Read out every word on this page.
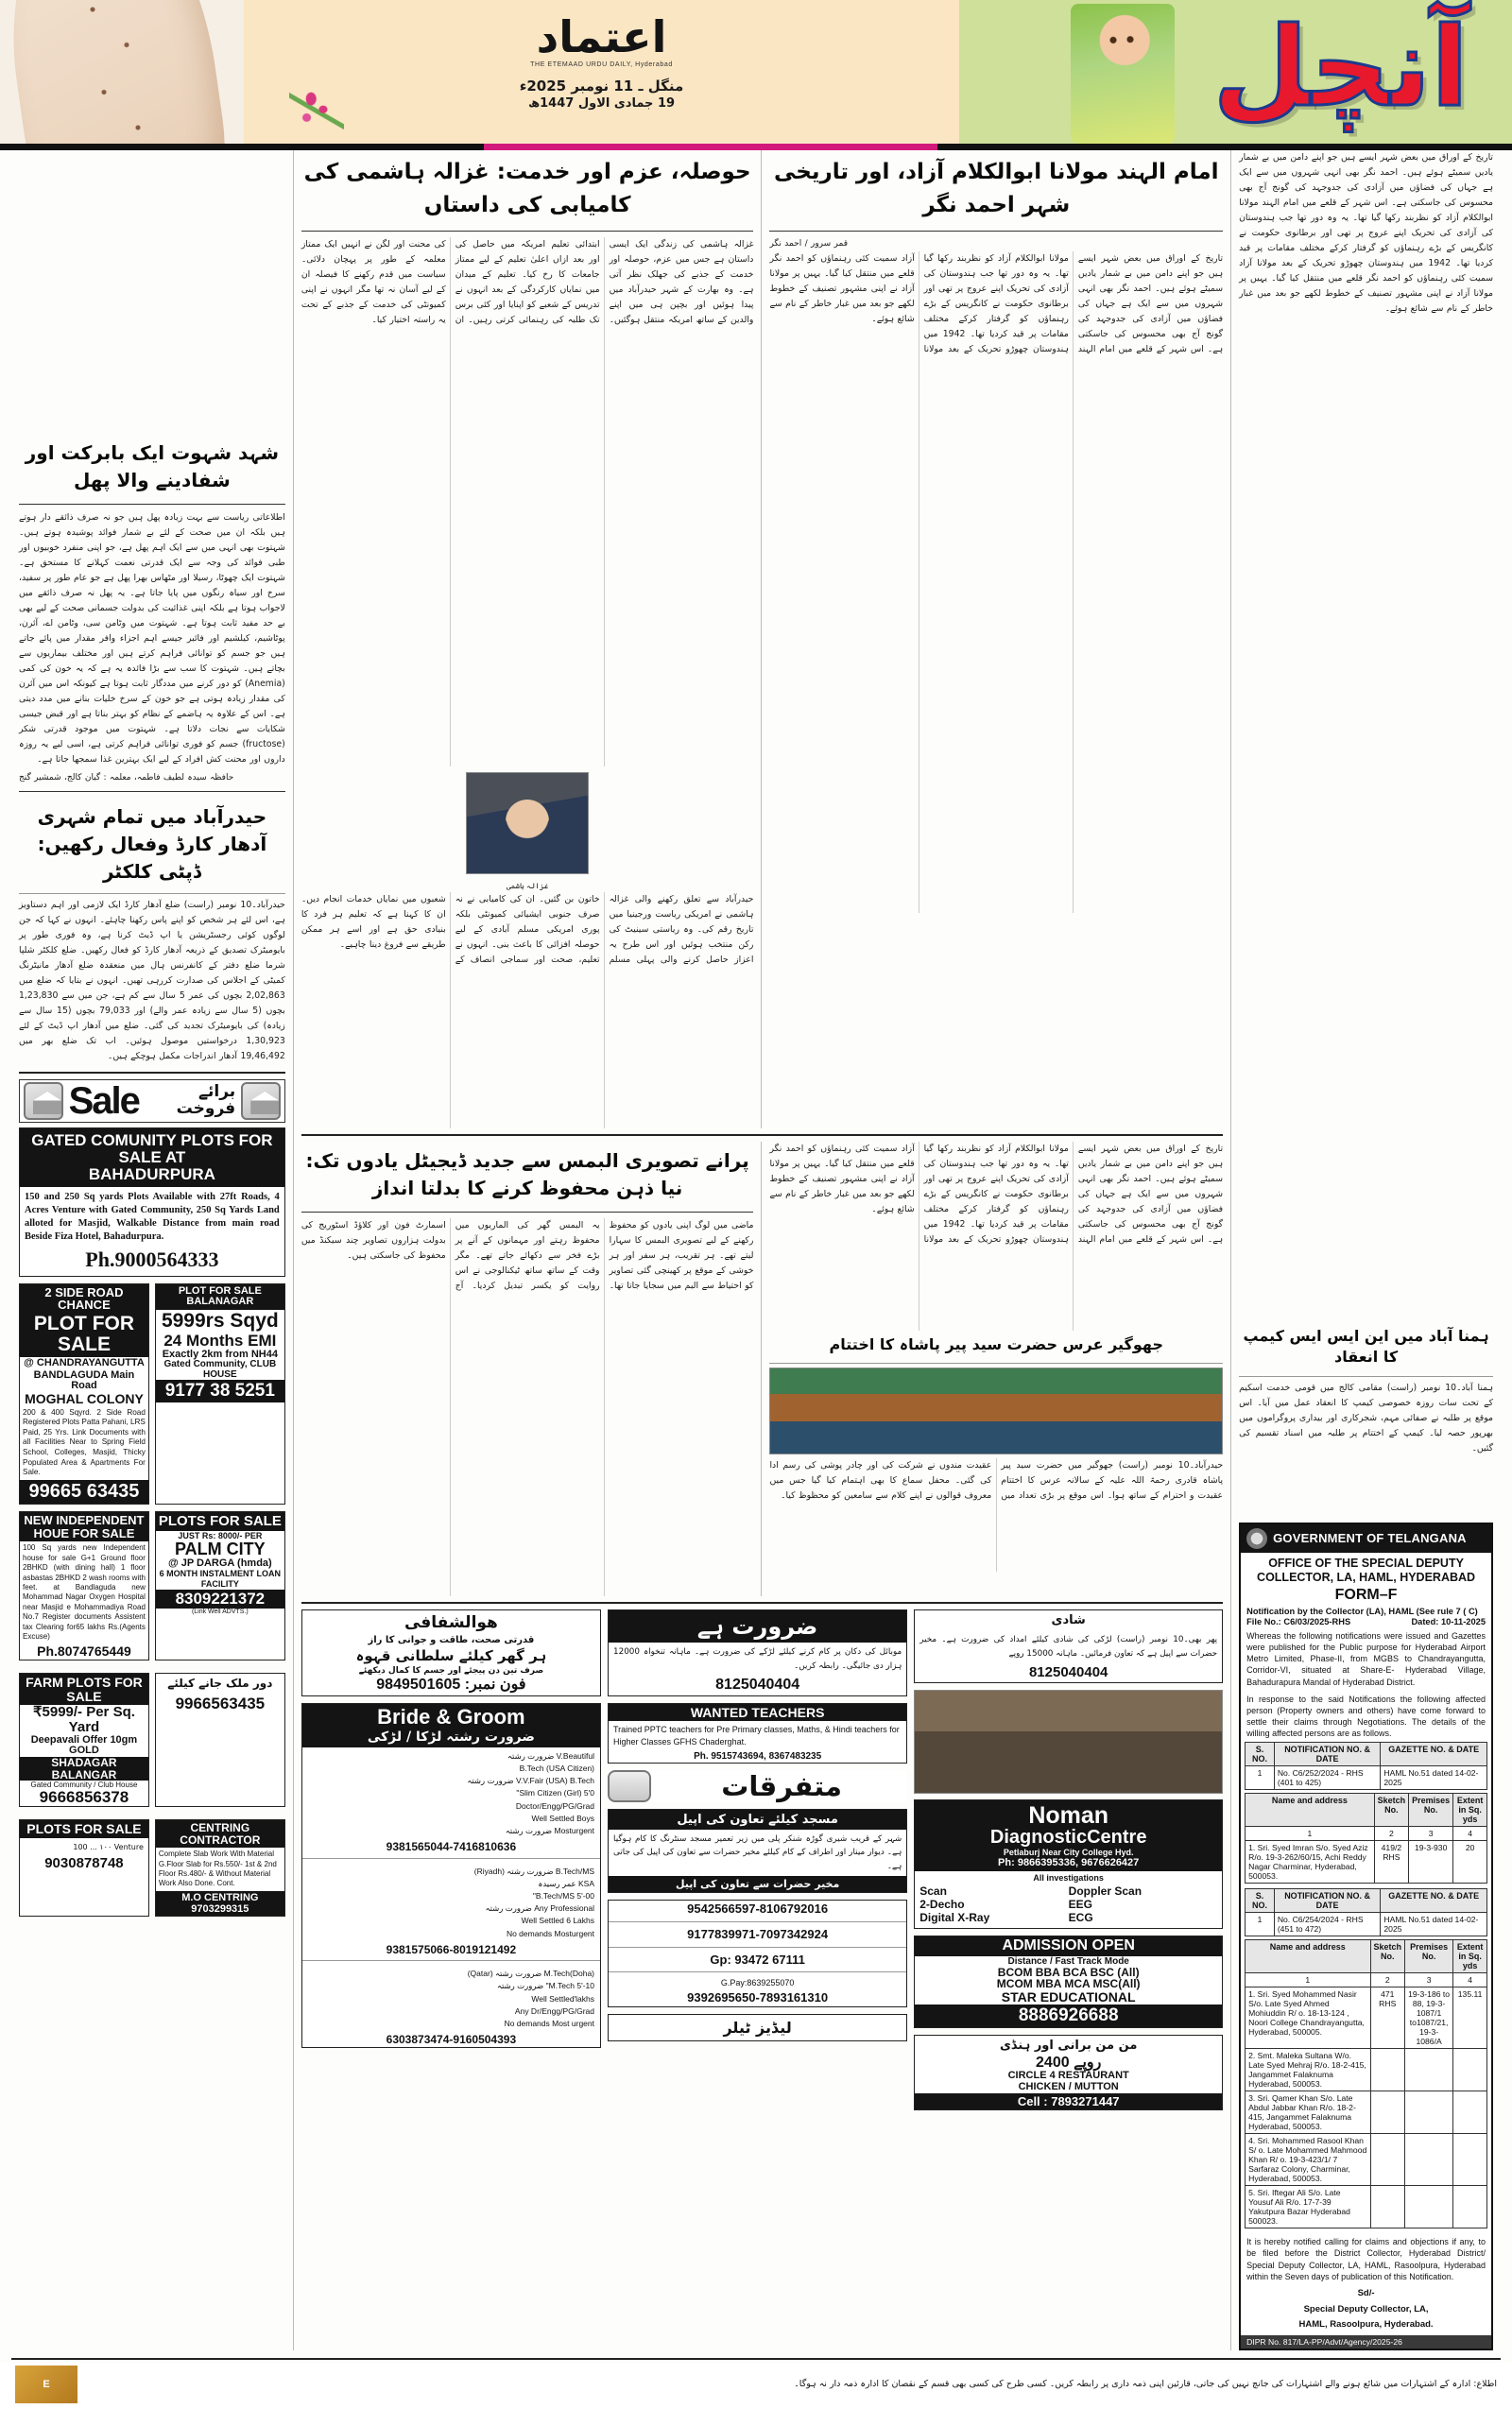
اعتماد
THE ETEMAAD URDU DAILY, Hyderabad
منگل ـ 11 نومبر 2025ء
19 جمادی الاول 1447ھ	آنچل
شہد شہوت ایک بابرکت اور شفادینے والا پھل
اطلاعاتی ریاست سے بہت زیادہ پھل ہیں جو نہ صرف ذائقے دار ہوتے ہیں بلکہ ان میں صحت کے لئے بے شمار فوائد پوشیدہ ہوتے ہیں۔ شہتوت بھی انہی میں سے ایک اہم پھل ہے، جو اپنی منفرد خوبیوں اور طبی فوائد کی وجہ سے ایک قدرتی نعمت کہلانے کا مستحق ہے۔ شہتوت ایک چھوٹا، رسیلا اور مٹھاس بھرا پھل ہے جو عام طور پر سفید، سرخ اور سیاہ رنگوں میں پایا جاتا ہے۔ یہ پھل نہ صرف ذائقے میں لاجواب ہوتا ہے بلکہ اپنی غذائیت کی بدولت جسمانی صحت کے لیے بھی بے حد مفید ثابت ہوتا ہے۔ شہتوت میں وٹامن سی، وٹامن اے، آئرن، پوٹاشیم، کیلشیم اور فائبر جیسے اہم اجزاء وافر مقدار میں پائے جاتے ہیں جو جسم کو توانائی فراہم کرتے ہیں اور مختلف بیماریوں سے بچاتے ہیں۔ شہتوت کا سب سے بڑا فائدہ یہ ہے کہ یہ خون کی کمی (Anemia) کو دور کرنے میں مددگار ثابت ہوتا ہے کیونکہ اس میں آئرن کی مقدار زیادہ ہوتی ہے جو خون کے سرخ خلیات بنانے میں مدد دیتی ہے۔ اس کے علاوہ یہ ہاضمے کے نظام کو بہتر بناتا ہے اور قبض جیسی شکایات سے نجات دلاتا ہے۔ شہتوت میں موجود قدرتی شکر (fructose) جسم کو فوری توانائی فراہم کرتی ہے، اسی لیے یہ روزہ داروں اور محنت کش افراد کے لیے ایک بہترین غذا سمجھا جاتا ہے۔
حافظہ سیدہ لطیف فاطمہ، معلمہ : گیان کالج، شمشیر گنج
حیدرآباد میں تمام شہری آدھار کارڈ وفعال رکھیں: ڈپٹی کلکٹر
حیدرآباد۔10 نومبر (راست) ضلع آدھار کارڈ ایک لازمی اور اہم دستاویز ہے، اس لئے ہر شخص کو اپنے پاس رکھنا چاہئے۔ انہوں نے کہا کہ جن لوگوں کوئی رجسٹریشن یا اپ ڈیٹ کرنا ہے، وہ فوری طور پر بایومیٹرک تصدیق کے ذریعہ آدھار کارڈ کو فعال رکھیں۔ ضلع کلکٹر شلپا شرما ضلع دفتر کے کانفرنس ہال میں منعقدہ ضلع آدھار مانیٹرنگ کمیٹی کے اجلاس کی صدارت کررہی تھیں۔ انہوں نے بتایا کہ ضلع میں 2,02,863 بچوں کی عمر 5 سال سے کم ہے، جن میں سے 1,23,830 بچوں (5 سال سے زیادہ عمر والے) اور 79,033 بچوں (15 سال سے زیادہ) کی بایومیٹرک تجدید کی گئی۔ ضلع میں آدھار اپ ڈیٹ کے لئے 1,30,923 درخواستیں موصول ہوئیں۔ اب تک ضلع بھر میں 19,46,492 آدھار اندراجات مکمل ہوچکے ہیں۔
Sale	برائے فروخت
GATED COMUNITY PLOTS FOR SALE AT
BAHADURPURA
150 and 250 Sq yards Plots Available with 27ft Roads, 4 Acres Venture with Gated Community, 250 Sq Yards Land alloted for Masjid, Walkable Distance from main road Beside Fiza Hotel, Bahadurpura.
Ph.9000564333
2 SIDE ROAD CHANCE
PLOT FOR SALE
@ CHANDRAYANGUTTA
BANDLAGUDA Main Road
MOGHAL COLONY
200 & 400 Sqyrd. 2 Side Road Registered Plots Patta Pahani, LRS Paid, 25 Yrs. Link Documents with all Facilities Near to Spring Field School, Colleges, Masjid, Thicky Populated Area & Apartments For Sale.
99665 63435
PLOT FOR SALE BALANAGAR
5999rs Sqyd
24 Months EMI
Exactly 2km from NH44
Gated Community, CLUB HOUSE
9177 38 5251
NEW INDEPENDENT HOUE FOR SALE
100 Sq yards new Independent house for sale G+1 Ground floor 2BHKD (with dining hall) 1 floor asbastas 2BHKD 2 wash rooms with feet. at Bandlaguda new Mohammad Nagar Oxygen Hospital near Masjid e Mohammadiya Road No.7 Register documents Assistent tax Clearing for65 lakhs Rs.(Agents Excuse)
Ph.8074765449
PLOTS FOR SALE
JUST Rs: 8000/- PER
PALM CITY
@ JP DARGA (hmda)
6 MONTH INSTALMENT LOAN FACILITY
8309221372
(Link Well ADVTS.)
FARM PLOTS FOR SALE
₹5999/- Per Sq. Yard
Deepavali Offer 10gm GOLD
SHADAGAR BALANGAR
Gated Community / Club House
9666856378
دور ملک جانے کیلئے
9966563435
PLOTS FOR SALE
Venture ١٠٠ ... 100
9030878748
CENTRING CONTRACTOR
Complete Slab Work With Material G.Floor Slab for Rs.550/- 1st & 2nd Floor Rs.480/- & Without Material Work Also Done. Cont.
M.O CENTRING 9703299315
حوصلہ، عزم اور خدمت: غزالہ ہاشمی کی کامیابی کی داستاں
غزالہ ہاشمی کی زندگی ایک ایسی داستان ہے جس میں عزم، حوصلہ اور خدمت کے جذبے کی جھلک نظر آتی ہے۔ وہ بھارت کے شہر حیدرآباد میں پیدا ہوئیں اور بچپن ہی میں اپنے والدین کے ساتھ امریکہ منتقل ہوگئیں۔ ابتدائی تعلیم امریکہ میں حاصل کی اور بعد ازاں اعلیٰ تعلیم کے لیے ممتاز جامعات کا رخ کیا۔ تعلیم کے میدان میں نمایاں کارکردگی کے بعد انہوں نے تدریس کے شعبے کو اپنایا اور کئی برس تک طلبہ کی رہنمائی کرتی رہیں۔ ان کی محنت اور لگن نے انہیں ایک ممتاز معلمہ کے طور پر پہچان دلائی۔ سیاست میں قدم رکھنے کا فیصلہ ان کے لیے آسان نہ تھا مگر انہوں نے اپنی کمیونٹی کی خدمت کے جذبے کے تحت یہ راستہ اختیار کیا۔
غزالہ ہاشمی
حیدرآباد سے تعلق رکھنے والی غزالہ ہاشمی نے امریکی ریاست ورجینیا میں تاریخ رقم کی۔ وہ ریاستی سینیٹ کی رکن منتخب ہوئیں اور اس طرح یہ اعزاز حاصل کرنے والی پہلی مسلم خاتون بن گئیں۔ ان کی کامیابی نے نہ صرف جنوبی ایشیائی کمیونٹی بلکہ پوری امریکی مسلم آبادی کے لیے حوصلہ افزائی کا باعث بنی۔ انہوں نے تعلیم، صحت اور سماجی انصاف کے شعبوں میں نمایاں خدمات انجام دیں۔ ان کا کہنا ہے کہ تعلیم ہر فرد کا بنیادی حق ہے اور اسے ہر ممکن طریقے سے فروغ دینا چاہیے۔
امام الہند مولانا ابوالکلام آزاد، اور تاریخی شہر احمد نگر
قمر سرور / احمد نگر
تاریخ کے اوراق میں بعض شہر ایسے ہیں جو اپنے دامن میں بے شمار یادیں سمیٹے ہوئے ہیں۔ احمد نگر بھی انہی شہروں میں سے ایک ہے جہاں کی فضاؤں میں آزادی کی جدوجہد کی گونج آج بھی محسوس کی جاسکتی ہے۔ اس شہر کے قلعے میں امام الہند مولانا ابوالکلام آزاد کو نظربند رکھا گیا تھا۔ یہ وہ دور تھا جب ہندوستان کی آزادی کی تحریک اپنے عروج پر تھی اور برطانوی حکومت نے کانگریس کے بڑے رہنماؤں کو گرفتار کرکے مختلف مقامات پر قید کردیا تھا۔ 1942 میں ہندوستان چھوڑو تحریک کے بعد مولانا آزاد سمیت کئی رہنماؤں کو احمد نگر قلعے میں منتقل کیا گیا۔ یہیں پر مولانا آزاد نے اپنی مشہور تصنیف کے خطوط لکھے جو بعد میں غبار خاطر کے نام سے شائع ہوئے۔
پرانے تصویری البمس سے جدید ڈیجیٹل یادوں تک: نیا ذہن محفوظ کرنے کا بدلتا انداز
ماضی میں لوگ اپنی یادوں کو محفوظ رکھنے کے لیے تصویری البمس کا سہارا لیتے تھے۔ ہر تقریب، ہر سفر اور ہر خوشی کے موقع پر کھینچی گئی تصاویر کو احتیاط سے البم میں سجایا جاتا تھا۔ یہ البمس گھر کی الماریوں میں محفوظ رہتے اور مہمانوں کے آنے پر بڑے فخر سے دکھائے جاتے تھے۔ مگر وقت کے ساتھ ساتھ ٹیکنالوجی نے اس روایت کو یکسر تبدیل کردیا۔ آج اسمارٹ فون اور کلاؤڈ اسٹوریج کی بدولت ہزاروں تصاویر چند سیکنڈ میں محفوظ کی جاسکتی ہیں۔
تاریخ کے اوراق میں بعض شہر ایسے ہیں جو اپنے دامن میں بے شمار یادیں سمیٹے ہوئے ہیں۔ احمد نگر بھی انہی شہروں میں سے ایک ہے جہاں کی فضاؤں میں آزادی کی جدوجہد کی گونج آج بھی محسوس کی جاسکتی ہے۔ اس شہر کے قلعے میں امام الہند مولانا ابوالکلام آزاد کو نظربند رکھا گیا تھا۔ یہ وہ دور تھا جب ہندوستان کی آزادی کی تحریک اپنے عروج پر تھی اور برطانوی حکومت نے کانگریس کے بڑے رہنماؤں کو گرفتار کرکے مختلف مقامات پر قید کردیا تھا۔ 1942 میں ہندوستان چھوڑو تحریک کے بعد مولانا آزاد سمیت کئی رہنماؤں کو احمد نگر قلعے میں منتقل کیا گیا۔ یہیں پر مولانا آزاد نے اپنی مشہور تصنیف کے خطوط لکھے جو بعد میں غبار خاطر کے نام سے شائع ہوئے۔
جھوگیر عرس حضرت سید پیر پاشاہ کا اختتام
حیدرآباد۔10 نومبر (راست) جھوگیر میں حضرت سید پیر پاشاہ قادری رحمۃ اللہ علیہ کے سالانہ عرس کا اختتام عقیدت و احترام کے ساتھ ہوا۔ اس موقع پر بڑی تعداد میں عقیدت مندوں نے شرکت کی اور چادر پوشی کی رسم ادا کی گئی۔ محفل سماع کا بھی اہتمام کیا گیا جس میں معروف قوالوں نے اپنے کلام سے سامعین کو محظوظ کیا۔
ھوالشفافی
قدرتی صحت، طاقت و جوانی کا راز
ہر گھر کیلئے سلطانی قہوہ
صرف تین دن پیجئے اور جسم کا کمال دیکھئے
فون نمبر: 9849501605
Bride & Groom
ضرورت رشتہ لڑکا / لڑکی
V.Beautiful ضرورت رشتہ
B.Tech (USA Citizen)
V.V.Fair (USA) B.Tech ضرورت رشتہ
Slim Citizen (Girl) 5'0"
Doctor/Engg/PG/Grad
Well Settled Boys
Mosturgent ضرورت رشتہ
9381565044-7416810636
B.Tech/MS ضرورت رشتہ (Riyadh)
KSA عمر رسیدہ
B.Tech/MS 5'-00"
Any Professional ضرورت رشتہ
Well Settled 6 Lakhs
No demands Mosturgent
9381575066-8019121492
M.Tech(Doha) ضرورت رشتہ (Qatar)
M.Tech 5'-10" ضرورت رشتہ
Well Settled'lakhs
Any Dr/Engg/PG/Grad
No demands Most urgent
6303873474-9160504393
ضرورت ہے
موبائل کی دکان پر کام کرنے کیلئے لڑکے کی ضرورت ہے۔ ماہانہ تنخواہ 12000 ہزار دی جائیگی۔ رابطہ کریں۔
8125040404
WANTED TEACHERS
Trained PPTC teachers for Pre Primary classes, Maths, & Hindi teachers for Higher Classes GFHS Chaderghat.
Ph. 9515743694, 8367483235
متفرقات
مسجد کیلئے تعاون کی اپیل
شہر کے قریب شیری گوڑہ شنکر پلی میں زیر تعمیر مسجد سنٹرنگ کا کام ہوگیا ہے۔ دیوار مینار اور اطراف کے کام کیلئے مخیر حضرات سے تعاون کی اپیل کی جاتی ہے۔
مخیر حضرات سے تعاون کی اپیل
9542566597-8106792016
9177839971-7097342924
Gp: 93472 67111
G.Pay:8639255070
9392695650-7893161310
لیڈیز ٹیلر
شادی
پھر بھی۔10 نومبر (راست) لڑکی کی شادی کیلئے امداد کی ضرورت ہے۔ مخیر حضرات سے اپیل ہے کہ تعاون فرمائیں۔ ماہانہ 15000 روپے
8125040404
Noman
DiagnosticCentre
Petlaburj Near City College Hyd.
Ph: 9866395336, 9676626427
All investigations
Scan	Doppler Scan
2-Decho	EEG
Digital X-Ray	ECG
ADMISSION OPEN
Distance / Fast Track Mode
BCOM BBA BCA BSC (All)
MCOM MBA MCA MSC(All)
STAR EDUCATIONAL
8886926688
من من برانی اور ہنڈی
2400 روپے
CIRCLE 4 RESTAURANT
CHICKEN / MUTTON
Cell : 7893271447
تاریخ کے اوراق میں بعض شہر ایسے ہیں جو اپنے دامن میں بے شمار یادیں سمیٹے ہوئے ہیں۔ احمد نگر بھی انہی شہروں میں سے ایک ہے جہاں کی فضاؤں میں آزادی کی جدوجہد کی گونج آج بھی محسوس کی جاسکتی ہے۔ اس شہر کے قلعے میں امام الہند مولانا ابوالکلام آزاد کو نظربند رکھا گیا تھا۔ یہ وہ دور تھا جب ہندوستان کی آزادی کی تحریک اپنے عروج پر تھی اور برطانوی حکومت نے کانگریس کے بڑے رہنماؤں کو گرفتار کرکے مختلف مقامات پر قید کردیا تھا۔ 1942 میں ہندوستان چھوڑو تحریک کے بعد مولانا آزاد سمیت کئی رہنماؤں کو احمد نگر قلعے میں منتقل کیا گیا۔ یہیں پر مولانا آزاد نے اپنی مشہور تصنیف کے خطوط لکھے جو بعد میں غبار خاطر کے نام سے شائع ہوئے۔
ہمنا آباد میں این ایس ایس کیمپ کا انعقاد
ہمنا آباد۔10 نومبر (راست) مقامی کالج میں قومی خدمت اسکیم کے تحت سات روزہ خصوصی کیمپ کا انعقاد عمل میں آیا۔ اس موقع پر طلبہ نے صفائی مہم، شجرکاری اور بیداری پروگراموں میں بھرپور حصہ لیا۔ کیمپ کے اختتام پر طلبہ میں اسناد تقسیم کی گئیں۔
GOVERNMENT OF TELANGANA
OFFICE OF THE SPECIAL DEPUTY
COLLECTOR, LA, HAML, HYDERABAD
FORM–F
Notification by the Collector (LA), HAML (See rule 7 ( C)
File No.: C6/03/2025-RHS	Dated: 10-11-2025
Whereas the following notifications were issued and Gazettes were published for the Public purpose for Hyderabad Airport Metro Limited, Phase-II, from MGBS to Chandrayangutta, Corridor-VI, situated at Share-E- Hyderabad Village, Bahadurapura Mandal of Hyderabad District.
In response to the said Notifications the following affected person (Property owners and others) have come forward to settle their claims through Negotiations. The details of the willing affected persons are as follows.
S. NO.	NOTIFICATION NO. & DATE	GAZETTE NO. & DATE
1	No. C6/252/2024 - RHS (401 to 425)	HAML No.51 dated 14-02-2025
Name and address	Sketch No.	Premises No.	Extent in Sq. yds
1	2	3	4
1. Sri. Syed Imran S/o. Syed Aziz R/o. 19-3-262/60/15, Achi Reddy Nagar Charminar, Hyderabad, 500053.	419/2 RHS	19-3-930	20
S. NO.	NOTIFICATION NO. & DATE	GAZETTE NO. & DATE
1	No. C6/254/2024 - RHS (451 to 472)	HAML No.51 dated 14-02-2025
Name and address	Sketch No.	Premises No.	Extent in Sq. yds
1	2	3	4
1. Sri. Syed Mohammed Nasir S/o. Late Syed Ahmed Mohiuddin R/ o. 18-13-124 , Noori College Chandrayangutta, Hyderabad, 500005.	471 RHS	19-3-186 to 88, 19-3-1087/1 to1087/21, 19-3-1086/A	135.11
2. Smt. Maleka Sultana W/o. Late Syed Mehraj R/o. 18-2-415, Jangammet Falaknuma Hyderabad, 500053.			
3. Sri. Qamer Khan S/o. Late Abdul Jabbar Khan R/o. 18-2-415, Jangammet Falaknuma Hyderabad, 500053.			
4. Sri. Mohammed Rasool Khan S/ o. Late Mohammed Mahmood Khan R/ o. 19-3-423/1/ 7 Sarfaraz Colony, Charminar, Hyderabad, 500053.			
5. Sri. Iftegar Ali S/o. Late Yousuf Ali R/o. 17-7-39 Yakutpura Bazar Hyderabad 500023.			
It is hereby notified calling for claims and objections if any, to be filed before the District Collector, Hyderabad District/ Special Deputy Collector, LA, HAML, Rasoolpura, Hyderabad within the Seven days of publication of this Notification.
Sd/-
Special Deputy Collector, LA,
HAML, Rasoolpura, Hyderabad.
DIPR No. 817/LA-PP/Advt/Agency/2025-26
E	اطلاع: ادارہ کے اشتہارات میں شائع ہونے والے اشتہارات کی جانچ نہیں کی جاتی، قارئین اپنی ذمہ داری پر رابطہ کریں۔ کسی طرح کی کسی بھی قسم کے نقصان کا ادارہ ذمہ دار نہ ہوگا۔
